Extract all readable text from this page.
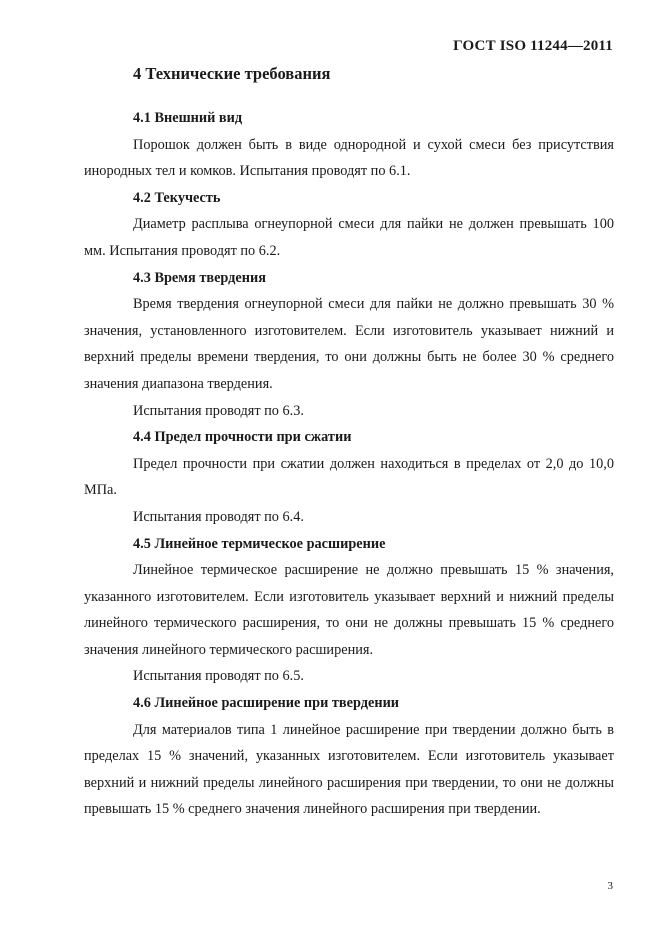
ГОСТ ISO 11244—2011
4 Технические требования
4.1 Внешний вид

Порошок должен быть в виде однородной и сухой смеси без присутствия инородных тел и комков. Испытания проводят по 6.1.

4.2 Текучесть

Диаметр расплыва огнеупорной смеси для пайки не должен превышать 100 мм. Испытания проводят по 6.2.

4.3 Время твердения

Время твердения огнеупорной смеси для пайки не должно превышать 30 % значения, установленного изготовителем. Если изготовитель указывает нижний и верхний пределы времени твердения, то они должны быть не более 30 % среднего значения диапазона твердения.

Испытания проводят по 6.3.

4.4 Предел прочности при сжатии

Предел прочности при сжатии должен находиться в пределах от 2,0 до 10,0 МПа.

Испытания проводят по 6.4.

4.5 Линейное термическое расширение

Линейное термическое расширение не должно превышать 15 % значения, указанного изготовителем. Если изготовитель указывает верхний и нижний пределы линейного термического расширения, то они не должны превышать 15 % среднего значения линейного термического расширения.

Испытания проводят по 6.5.

4.6 Линейное расширение при твердении

Для материалов типа 1 линейное расширение при твердении должно быть в пределах 15 % значений, указанных изготовителем. Если изготовитель указывает верхний и нижний пределы линейного расширения при твердении, то они не должны превышать 15 % среднего значения линейного расширения при твердении.

3
